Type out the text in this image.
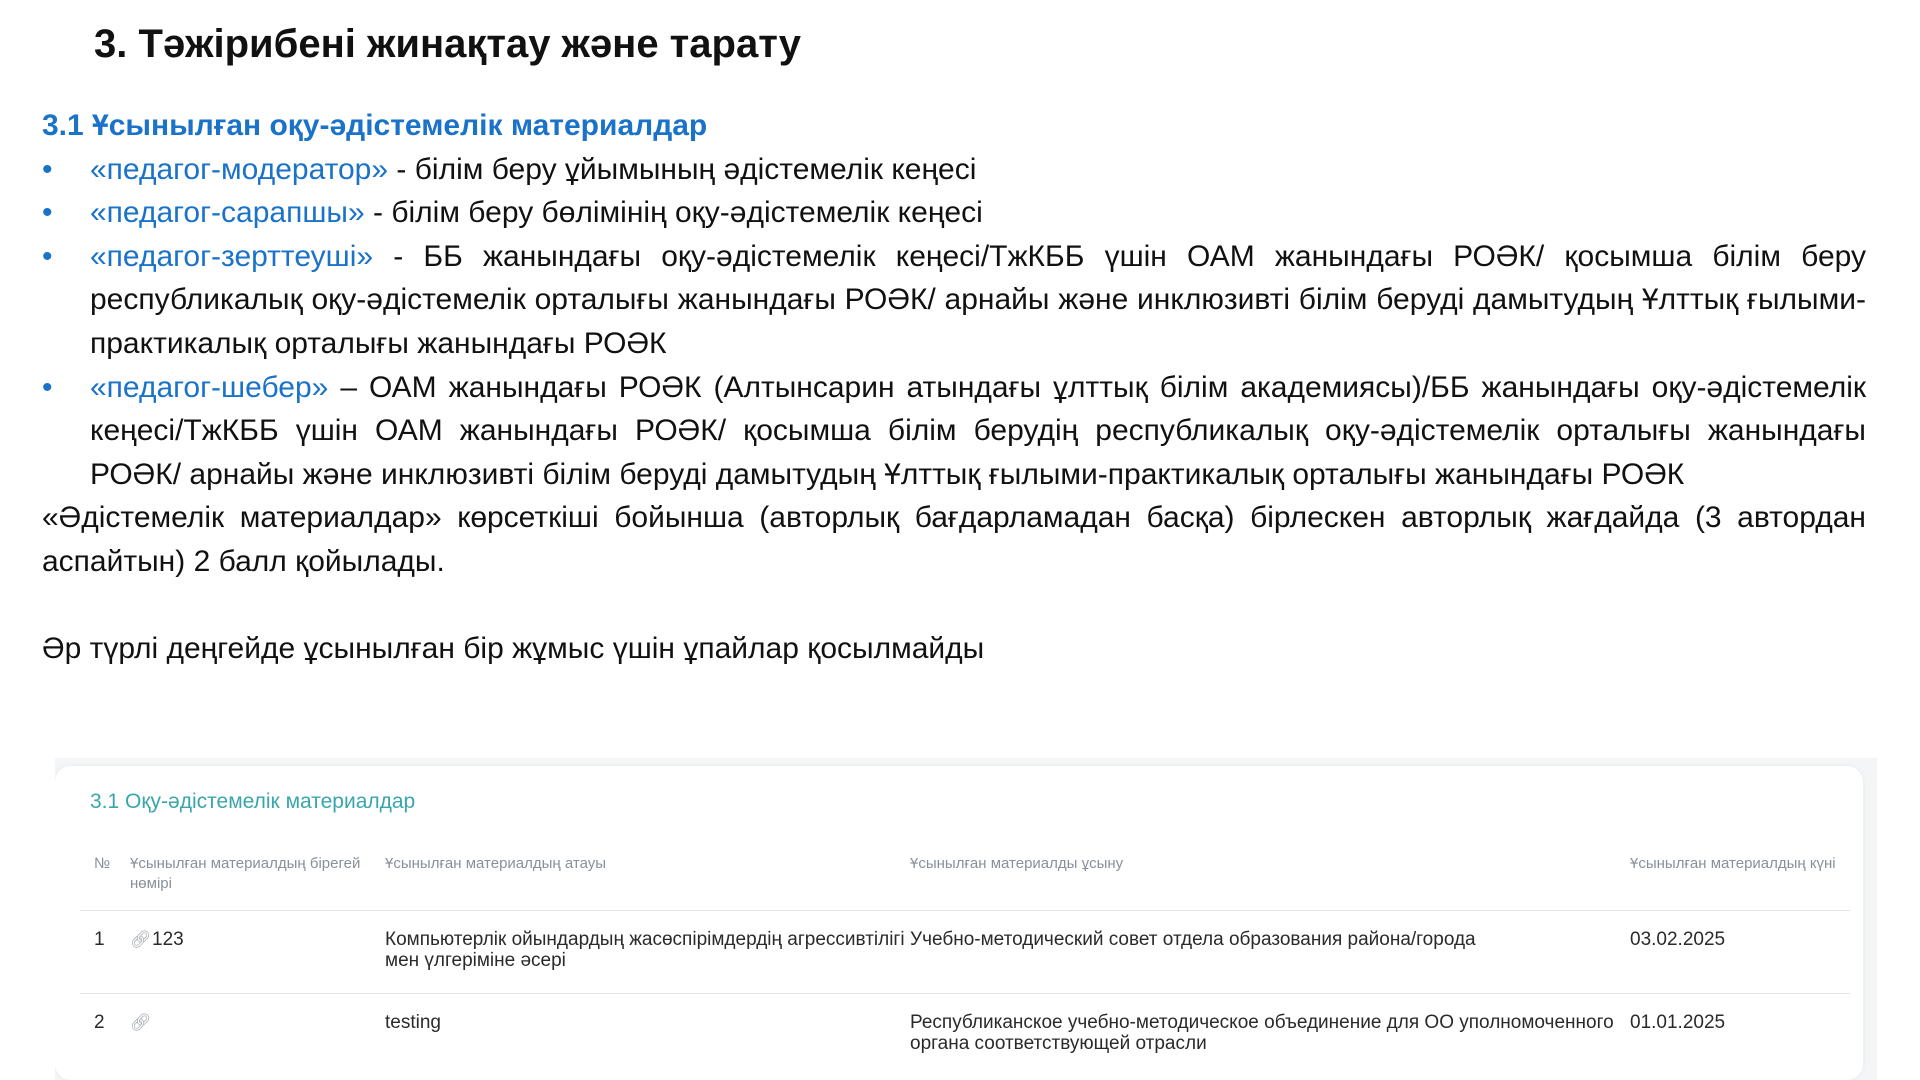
3. Тәжірибені жинақтау және тарату

3.1 Ұсынылған оқу-әдістемелік материалдар

• «педагог-модератор» - білім беру ұйымының әдістемелік кеңесі
• «педагог-сарапшы» - білім беру бөлімінің оқу-әдістемелік кеңесі
• «педагог-зерттеуші» - ББ жанындағы оқу-әдістемелік кеңесі/ТжКББ үшін ОАМ жанындағы РОӘК/ қосымша білім беру республикалық оқу-әдістемелік орталығы жанындағы РОӘК/ арнайы және инклюзивті білім беруді дамытудың Ұлттық ғылыми-практикалық орталығы жанындағы РОӘК
• «педагог-шебер» – ОАМ жанындағы РОӘК (Алтынсарин атындағы ұлттық білім академиясы)/ББ жанындағы оқу-әдістемелік кеңесі/ТжКББ үшін ОАМ жанындағы РОӘК/ қосымша білім берудің республикалық оқу-әдістемелік орталығы жанындағы РОӘК/ арнайы және инклюзивті білім беруді дамытудың Ұлттық ғылыми-практикалық орталығы жанындағы РОӘК

«Әдістемелік материалдар» көрсеткіші бойынша (авторлық бағдарламадан басқа) бірлескен авторлық жағдайда (3 автордан аспайтын) 2 балл қойылады.

Әр түрлі деңгейде ұсынылған бір жұмыс үшін ұпайлар қосылмайды

3.1 Оқу-әдістемелік материалдар

№	Ұсынылған материалдың бірегей нөмірі	Ұсынылған материалдың атауы	Ұсынылған материалды ұсыну	Ұсынылған материалдың күні
1	🔗︎123	Компьютерлік ойындардың жасөспірімдердің агрессивтілігі мен үлгеріміне әсері	Учебно-методический совет отдела образования района/города	03.02.2025
2	🔗︎	testing	Республиканское учебно-методическое объединение для ОО уполномоченного органа соответствующей отрасли	01.01.2025
